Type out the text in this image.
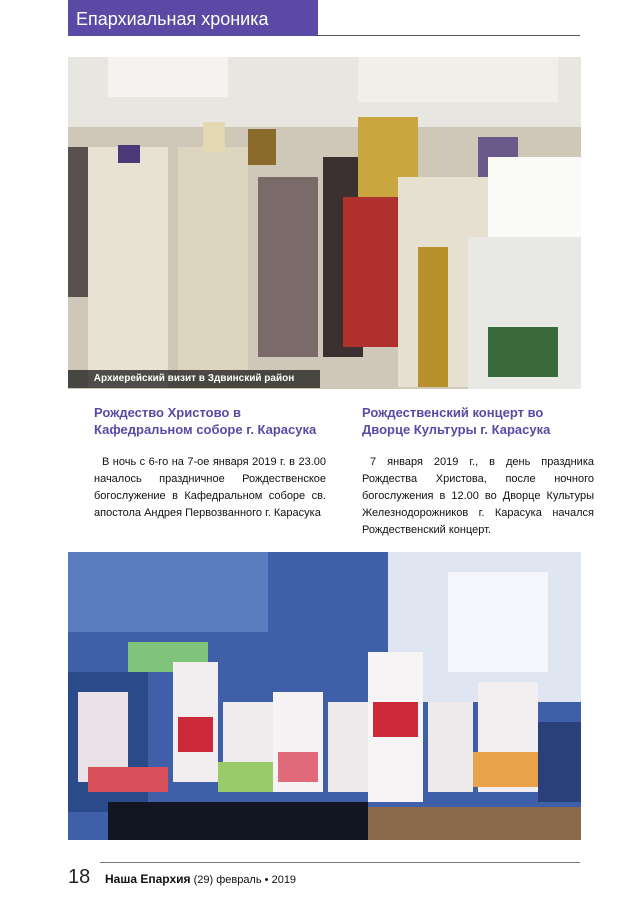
Епархиальная хроника
Архиерейский визит в Здвинский район
Рождество Христово в Кафедральном соборе г. Карасука

В ночь с 6-го на 7-ое января 2019 г. в 23.00 началось праздничное Рождественское богослужение в Кафедральном соборе св. апостола Андрея Первозванного г. Карасука

Рождественский концерт во Дворце Культуры г. Карасука

7 января 2019 г., в день праздника Рождества Христова, после ночного богослужения в 12.00 во Дворце Культуры Железнодорожников г. Карасука начался Рождественский концерт.

18 Наша Епархия (29) февраль • 2019
